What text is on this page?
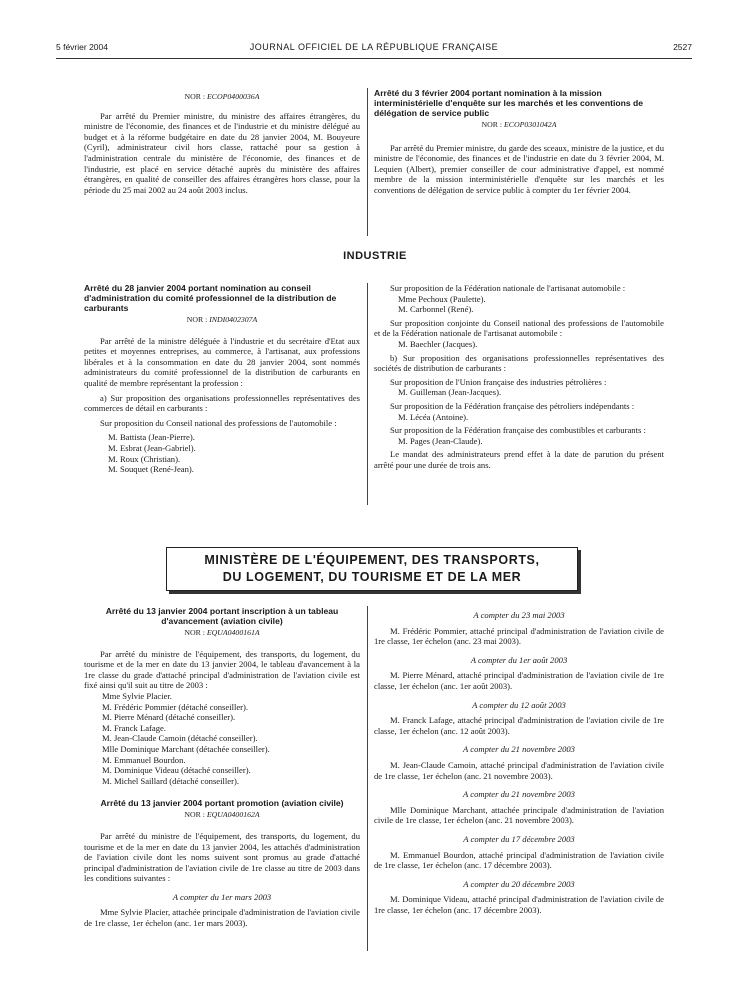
5 février 2004	JOURNAL OFFICIEL DE LA RÉPUBLIQUE FRANÇAISE	2527
NOR : ECOP0400036A

Par arrêté du Premier ministre, du ministre des affaires étrangères, du ministre de l'économie, des finances et de l'industrie et du ministre délégué au budget et à la réforme budgétaire en date du 28 janvier 2004, M. Bouyeure (Cyril), administrateur civil hors classe, rattaché pour sa gestion à l'administration centrale du ministère de l'économie, des finances et de l'industrie, est placé en service détaché auprès du ministère des affaires étrangères, en qualité de conseiller des affaires étrangères hors classe, pour la période du 25 mai 2002 au 24 août 2003 inclus.

Arrêté du 3 février 2004 portant nomination à la mission interministérielle d'enquête sur les marchés et les conventions de délégation de service public
NOR : ECOP0301042A

Par arrêté du Premier ministre, du garde des sceaux, ministre de la justice, et du ministre de l'économie, des finances et de l'industrie en date du 3 février 2004, M. Lequien (Albert), premier conseiller de cour administrative d'appel, est nommé membre de la mission interministérielle d'enquête sur les marchés et les conventions de délégation de service public à compter du 1er février 2004.

INDUSTRIE
Arrêté du 28 janvier 2004 portant nomination au conseil d'administration du comité professionnel de la distribution de carburants
NOR : INDI0402307A

Par arrêté de la ministre déléguée à l'industrie et du secrétaire d'Etat aux petites et moyennes entreprises, au commerce, à l'artisanat, aux professions libérales et à la consommation en date du 28 janvier 2004, sont nommés administrateurs du comité professionnel de la distribution de carburants en qualité de membre représentant la profession :

a) Sur proposition des organisations professionnelles représentatives des commerces de détail en carburants :

Sur proposition du Conseil national des professions de l'automobile :

M. Battista (Jean-Pierre).

M. Esbrat (Jean-Gabriel).

M. Roux (Christian).

M. Souquet (René-Jean).

Sur proposition de la Fédération nationale de l'artisanat automobile :

Mme Pechoux (Paulette).

M. Carbonnel (René).

Sur proposition conjointe du Conseil national des professions de l'automobile et de la Fédération nationale de l'artisanat automobile :

M. Baechler (Jacques).

b) Sur proposition des organisations professionnelles représentatives des sociétés de distribution de carburants :

Sur proposition de l'Union française des industries pétrolières :

M. Guilleman (Jean-Jacques).

Sur proposition de la Fédération française des pétroliers indépendants :

M. Lécéa (Antoine).

Sur proposition de la Fédération française des combustibles et carburants :

M. Pages (Jean-Claude).

Le mandat des administrateurs prend effet à la date de parution du présent arrêté pour une durée de trois ans.

MINISTÈRE DE L'ÉQUIPEMENT, DES TRANSPORTS,
DU LOGEMENT, DU TOURISME ET DE LA MER
Arrêté du 13 janvier 2004 portant inscription à un tableau d'avancement (aviation civile)
NOR : EQUA0400161A

Par arrêté du ministre de l'équipement, des transports, du logement, du tourisme et de la mer en date du 13 janvier 2004, le tableau d'avancement à la 1re classe du grade d'attaché principal d'administration de l'aviation civile est fixé ainsi qu'il suit au titre de 2003 :

Mme Sylvie Placier.

M. Frédéric Pommier (détaché conseiller).

M. Pierre Ménard (détaché conseiller).

M. Franck Lafage.

M. Jean-Claude Camoin (détaché conseiller).

Mlle Dominique Marchant (détachée conseiller).

M. Emmanuel Bourdon.

M. Dominique Videau (détaché conseiller).

M. Michel Saillard (détaché conseiller).

Arrêté du 13 janvier 2004 portant promotion (aviation civile)
NOR : EQUA0400162A

Par arrêté du ministre de l'équipement, des transports, du logement, du tourisme et de la mer en date du 13 janvier 2004, les attachés d'administration de l'aviation civile dont les noms suivent sont promus au grade d'attaché principal d'administration de l'aviation civile de 1re classe au titre de 2003 dans les conditions suivantes :

A compter du 1er mars 2003

Mme Sylvie Placier, attachée principale d'administration de l'aviation civile de 1re classe, 1er échelon (anc. 1er mars 2003).

A compter du 23 mai 2003

M. Frédéric Pommier, attaché principal d'administration de l'aviation civile de 1re classe, 1er échelon (anc. 23 mai 2003).

A compter du 1er août 2003

M. Pierre Ménard, attaché principal d'administration de l'aviation civile de 1re classe, 1er échelon (anc. 1er août 2003).

A compter du 12 août 2003

M. Franck Lafage, attaché principal d'administration de l'aviation civile de 1re classe, 1er échelon (anc. 12 août 2003).

A compter du 21 novembre 2003

M. Jean-Claude Camoin, attaché principal d'administration de l'aviation civile de 1re classe, 1er échelon (anc. 21 novembre 2003).

A compter du 21 novembre 2003

Mlle Dominique Marchant, attachée principale d'administration de l'aviation civile de 1re classe, 1er échelon (anc. 21 novembre 2003).

A compter du 17 décembre 2003

M. Emmanuel Bourdon, attaché principal d'administration de l'aviation civile de 1re classe, 1er échelon (anc. 17 décembre 2003).

A compter du 20 décembre 2003

M. Dominique Videau, attaché principal d'administration de l'aviation civile de 1re classe, 1er échelon (anc. 17 décembre 2003).
